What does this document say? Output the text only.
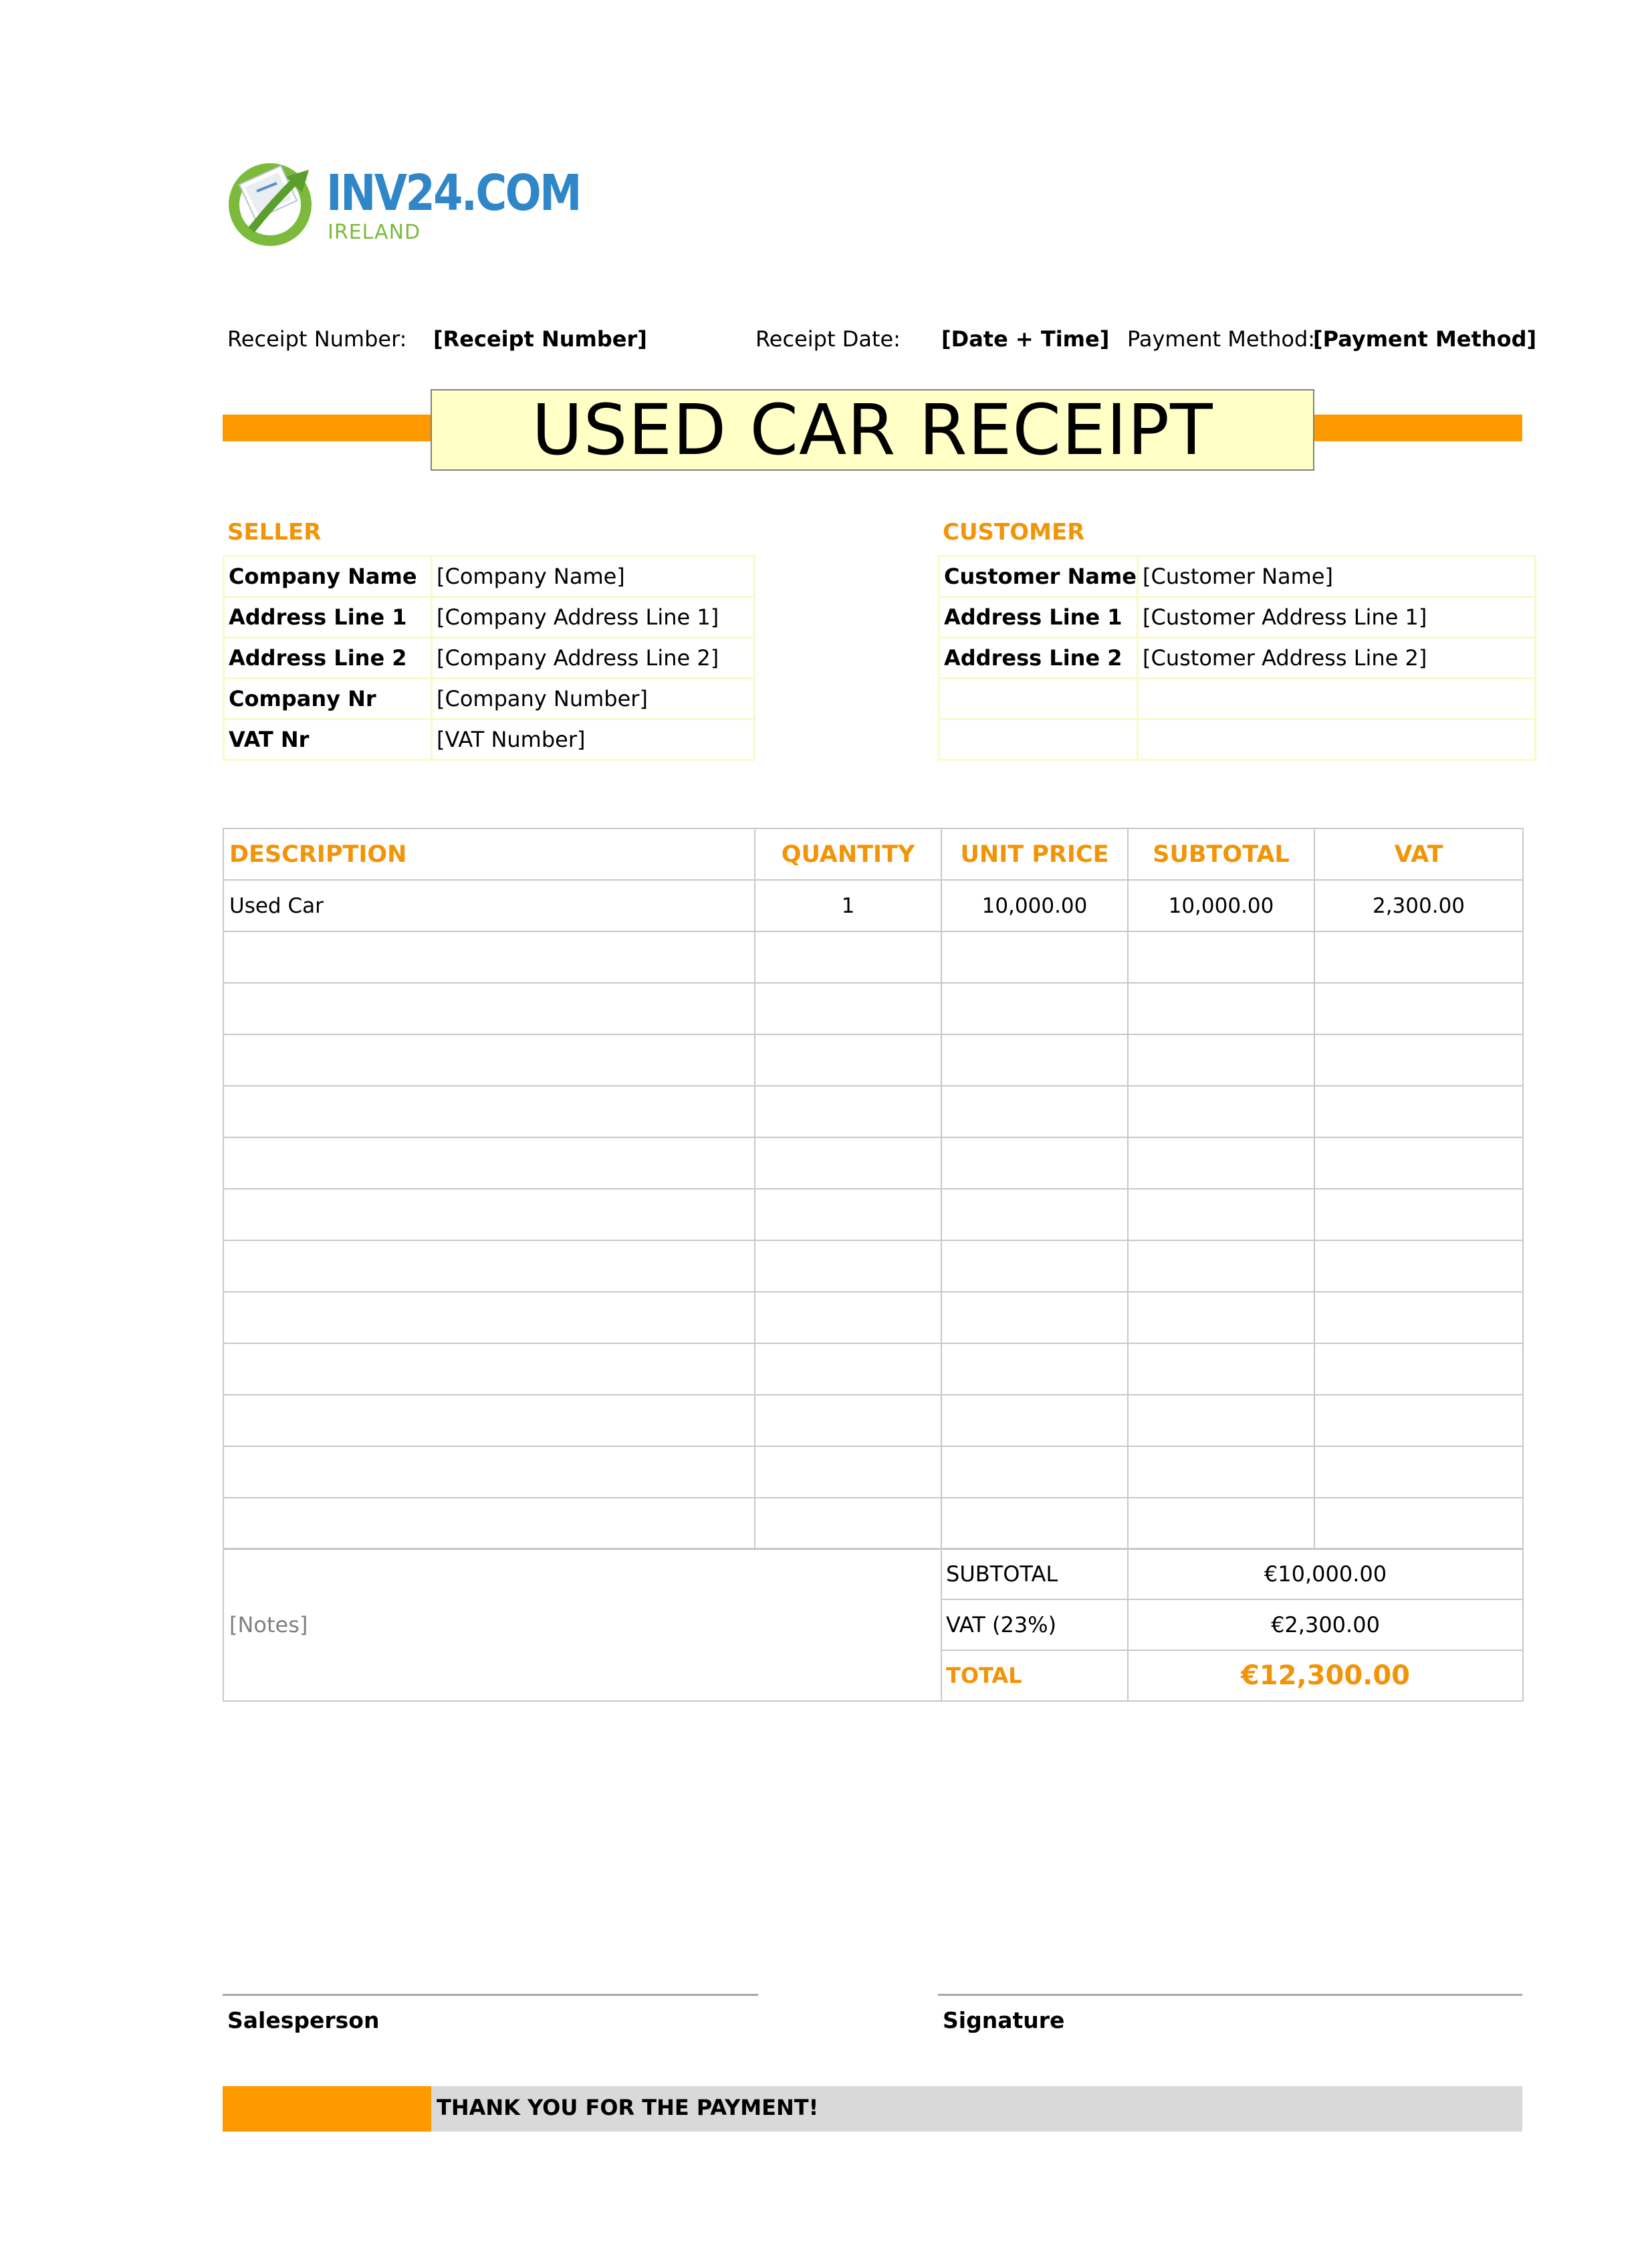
INV24.COM
IRELAND
Receipt Number: [Receipt Number]	Receipt Date: [Date + Time] Payment Method:
[Payment Method]
USED CAR RECEIPT
SELLER
Company Name	[Company Name]
Address Line 1	[Company Address Line 1]
Address Line 2	[Company Address Line 2]
Company Nr	[Company Number]
VAT Nr	[VAT Number]
CUSTOMER
Customer Name	[Customer Name]
Address Line 1	[Customer Address Line 1]
Address Line 2	[Customer Address Line 2]

DESCRIPTION	QUANTITY	UNIT PRICE	SUBTOTAL	VAT
Used Car	1	10,000.00	10,000.00	2,300.00

[Notes]	SUBTOTAL	€10,000.00
	VAT (23%)	€2,300.00
	TOTAL	€12,300.00
Salesperson	Signature
THANK YOU FOR THE PAYMENT!
